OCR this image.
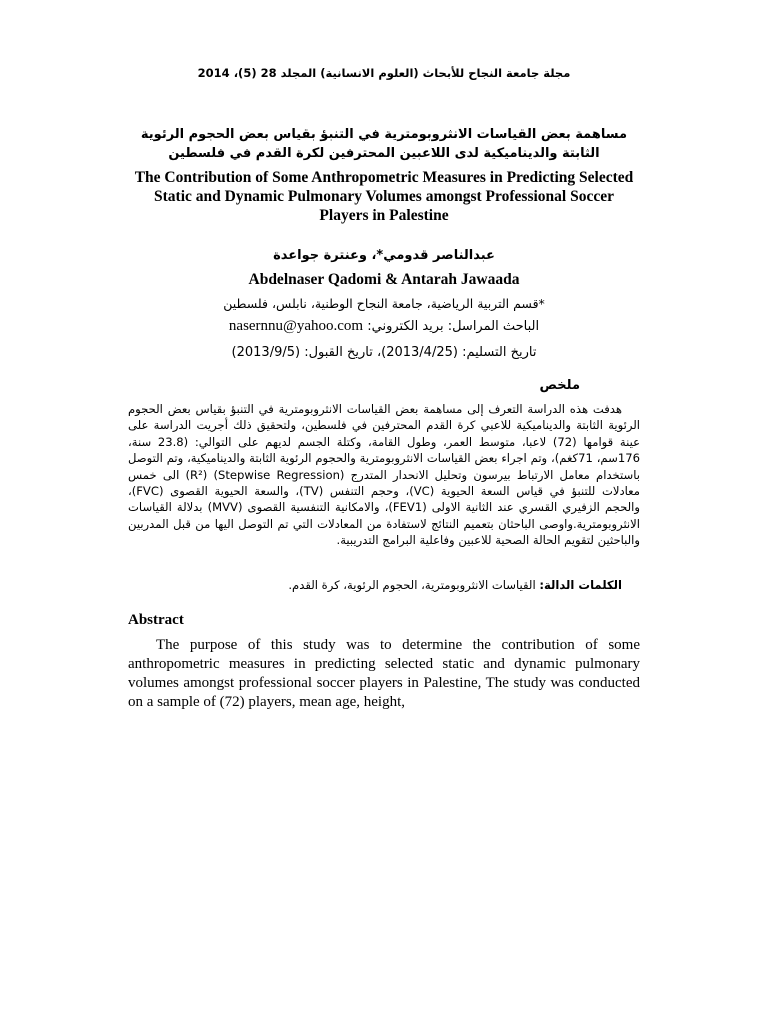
مجلة جامعة النجاح للأبحاث (العلوم الانسانية) المجلد 28 (5)، 2014
مساهمة بعض القياسات الانثروبومترية في التنبؤ بقياس بعض الحجوم الرئوية الثابتة والديناميكية لدى اللاعبين المحترفين لكرة القدم في فلسطين
The Contribution of Some Anthropometric Measures in Predicting Selected Static and Dynamic Pulmonary Volumes amongst Professional Soccer Players in Palestine
عبدالناصر قدومي*، وعنترة جواعدة
Abdelnaser Qadomi & Antarah Jawaada
*قسم التربية الرياضية، جامعة النجاح الوطنية، نابلس، فلسطين
الباحث المراسل: بريد الكتروني: nasernnu@yahoo.com
تاريخ التسليم: (2013/4/25)، تاريخ القبول: (2013/9/5)
ملخص

هدفت هذه الدراسة التعرف إلى مساهمة بعض القياسات الانثروبومترية في التنبؤ بقياس بعض الحجوم الرئوية الثابتة والديناميكية للاعبي كرة القدم المحترفين في فلسطين، ولتحقيق ذلك أجريت الدراسة على عينة قوامها (72) لاعبا، متوسط العمر، وطول القامة، وكتلة الجسم لديهم على التوالي: (23.8 سنة، 176سم، 71كغم)، وتم اجراء بعض القياسات الانثروبومترية والحجوم الرئوية الثابتة والديناميكية، وتم التوصل باستخدام معامل الارتباط بيرسون وتحليل الانحدار المتدرج (Stepwise Regression) (R²) الى خمس معادلات للتنبؤ في قياس السعة الحيوية (VC)، وحجم التنفس (TV)، والسعة الحيوية القصوى (FVC)، والحجم الزفيري القسري عند الثانية الاولى (FEV1)، والامكانية التنفسية القصوى (MVV) بدلالة القياسات الانثروبومترية.واوصى الباحثان بتعميم النتائج لاستفادة من المعادلات التي تم التوصل اليها من قبل المدربين والباحثين لتقويم الحالة الصحية للاعبين وفاعلية البرامج التدريبية.

الكلمات الدالة: القياسات الانثروبومترية، الحجوم الرئوية، كرة القدم.
Abstract

The purpose of this study was to determine the contribution of some anthropometric measures in predicting selected static and dynamic pulmonary volumes amongst professional soccer players in Palestine, The study was conducted on a sample of (72) players, mean age, height,
